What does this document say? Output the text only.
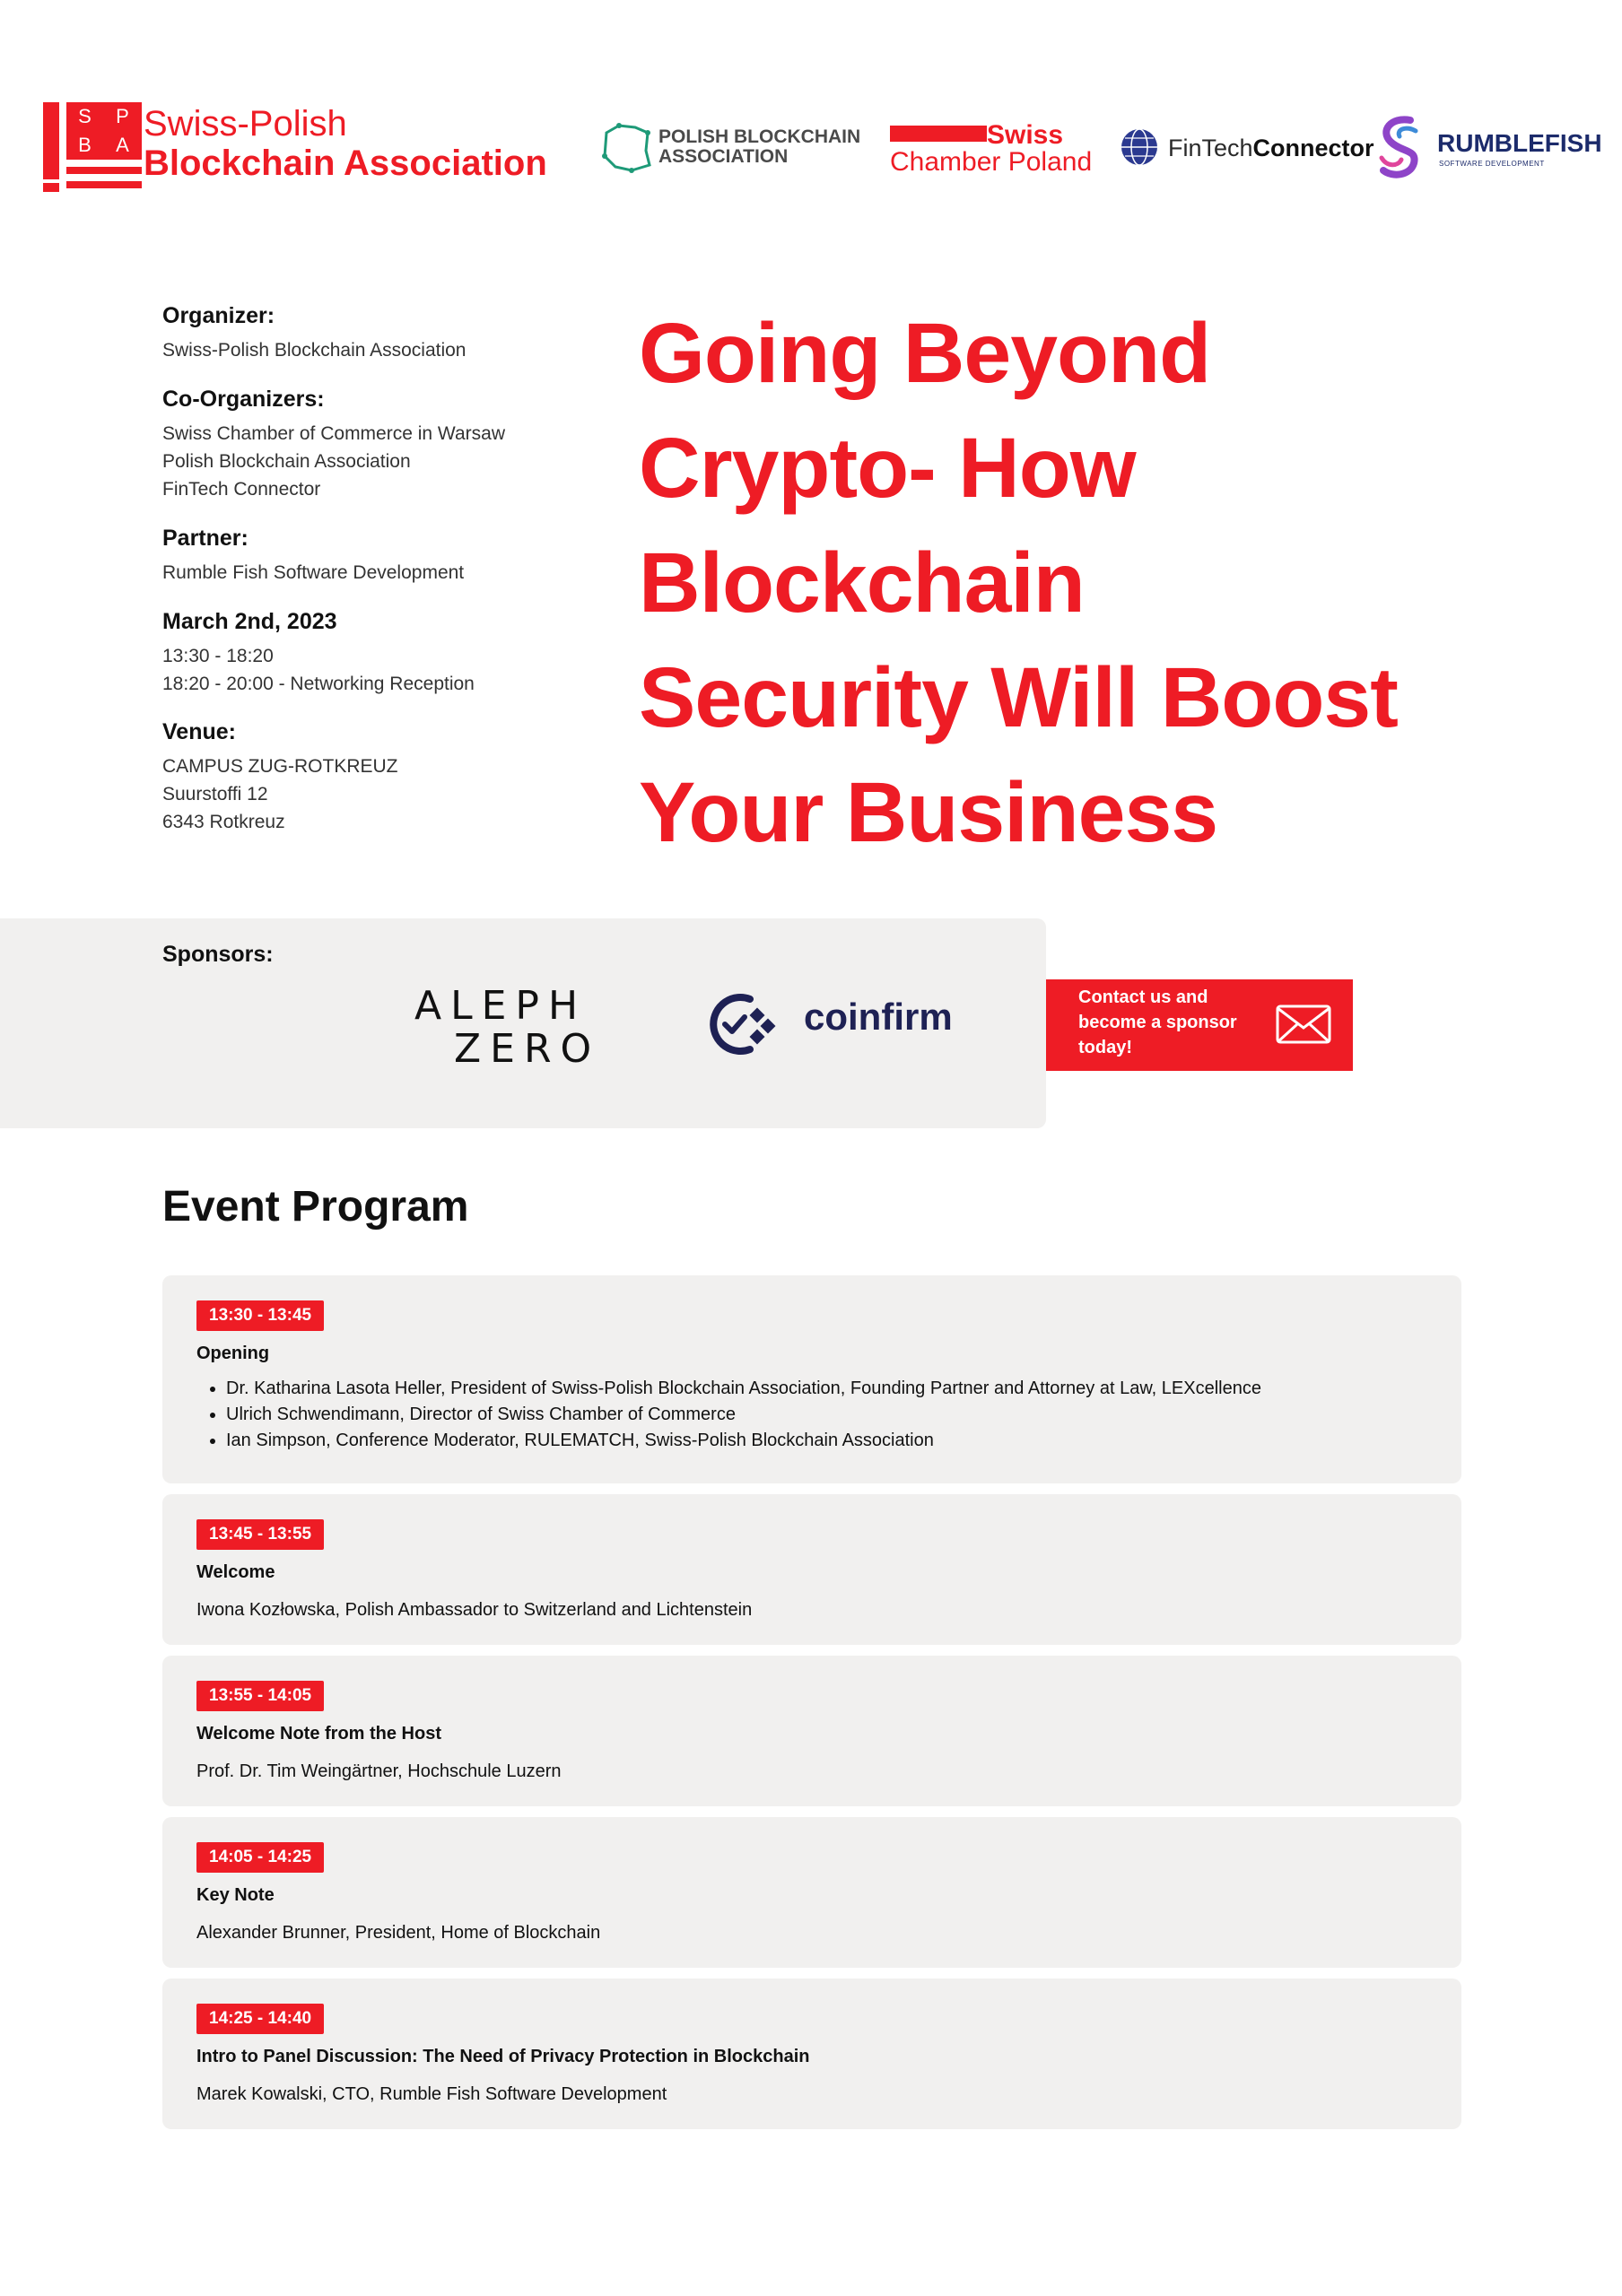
S	P
B	A
Swiss-Polish
Blockchain Association
POLISH BLOCKCHAIN
ASSOCIATION
Swiss
Chamber Poland	FinTechConnector	RUMBLEFISH
SOFTWARE DEVELOPMENT
Organizer:
Swiss-Polish Blockchain Association
Co-Organizers:
Swiss Chamber of Commerce in Warsaw
Polish Blockchain Association
FinTech Connector
Partner:
Rumble Fish Software Development
March 2nd, 2023
13:30 - 18:20
18:20 - 20:00 - Networking Reception
Venue:
CAMPUS ZUG-ROTKREUZ
Suurstoffi 12
6343 Rotkreuz
Going Beyond
Crypto- How
Blockchain
Security Will Boost
Your Business
Sponsors:
ALEPH
ZERO
coinfirm	Contact us and
become a sponsor
today!
Event Program
13:30 - 13:45
Opening
• Dr. Katharina Lasota Heller, President of Swiss-Polish Blockchain Association, Founding Partner and Attorney at Law, LEXcellence
• Ulrich Schwendimann, Director of Swiss Chamber of Commerce
• Ian Simpson, Conference Moderator, RULEMATCH, Swiss-Polish Blockchain Association
13:45 - 13:55
Welcome
Iwona Kozłowska, Polish Ambassador to Switzerland and Lichtenstein
13:55 - 14:05
Welcome Note from the Host
Prof. Dr. Tim Weingärtner, Hochschule Luzern
14:05 - 14:25
Key Note
Alexander Brunner, President, Home of Blockchain
14:25 - 14:40
Intro to Panel Discussion: The Need of Privacy Protection in Blockchain
Marek Kowalski, CTO, Rumble Fish Software Development
